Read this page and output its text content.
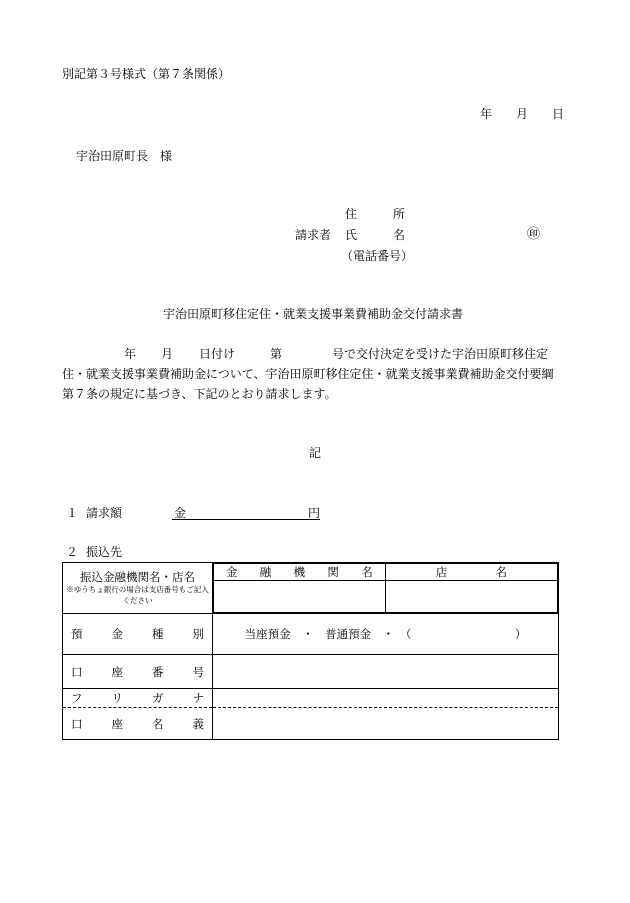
別記第３号様式（第７条関係）
年 月 日
宇治田原町長　様
住	所
請求者 氏	名	㊞
（電話番号）
宇治田原町移住定住・就業支援事業費補助金交付請求書
年 月 日付け	第	号で交付決定を受けた宇治田原町移住定
住・就業支援事業費補助金について、宇治田原町移住定住・就業支援事業費補助金交付要綱
第７条の規定に基づき、下記のとおり請求します。
記
１ 請求額	金	円
２ 振込先
振込金融機関名・店名
※ゆうちょ銀行の場合は支店番号もご記入ください

金 融 機 関 名	店	名

預	金	種	別	当座預金　・　普通預金　・　（　　　　　　　　　）

口	座	番	号

フ	リ	ガ	ナ

口	座	名	義
